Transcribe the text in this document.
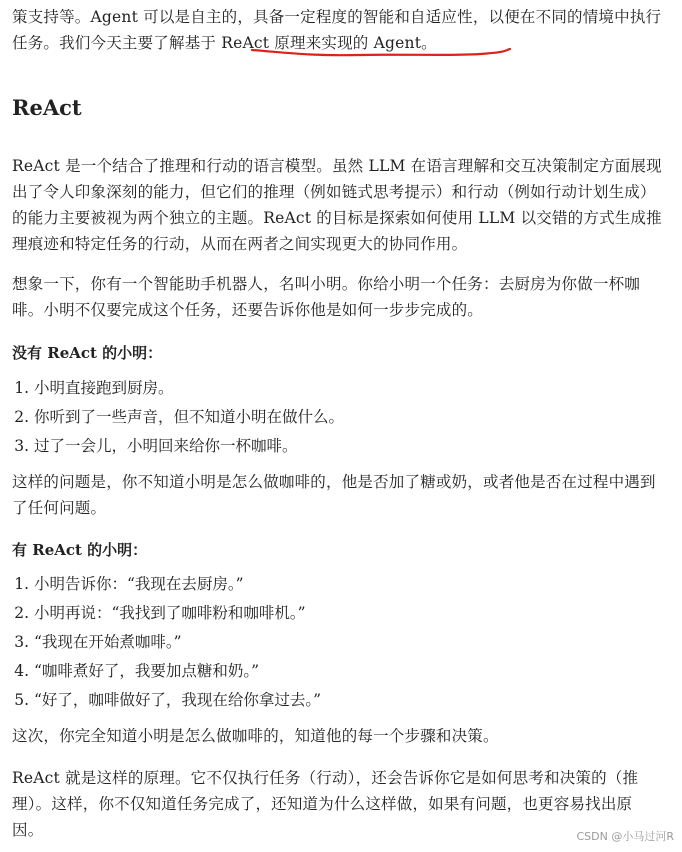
策支持等。Agent 可以是自主的，具备一定程度的智能和自适应性，以便在不同的情境中执行任务。我们今天主要了解基于 ReAct 原理来实现的 Agent。

ReAct

ReAct 是一个结合了推理和行动的语言模型。虽然 LLM 在语言理解和交互决策制定方面展现出了令人印象深刻的能力，但它们的推理（例如链式思考提示）和行动（例如行动计划生成）的能力主要被视为两个独立的主题。ReAct 的目标是探索如何使用 LLM 以交错的方式生成推理痕迹和特定任务的行动，从而在两者之间实现更大的协同作用。

想象一下，你有一个智能助手机器人，名叫小明。你给小明一个任务：去厨房为你做一杯咖啡。小明不仅要完成这个任务，还要告诉你他是如何一步步完成的。

没有 ReAct 的小明：
1. 小明直接跑到厨房。
2. 你听到了一些声音，但不知道小明在做什么。
3. 过了一会儿，小明回来给你一杯咖啡。

这样的问题是，你不知道小明是怎么做咖啡的，他是否加了糖或奶，或者他是否在过程中遇到了任何问题。

有 ReAct 的小明：
1. 小明告诉你：“我现在去厨房。”
2. 小明再说：“我找到了咖啡粉和咖啡机。”
3. “我现在开始煮咖啡。”
4. “咖啡煮好了，我要加点糖和奶。”
5. “好了，咖啡做好了，我现在给你拿过去。”

这次，你完全知道小明是怎么做咖啡的，知道他的每一个步骤和决策。

ReAct 就是这样的原理。它不仅执行任务（行动），还会告诉你它是如何思考和决策的（推理）。这样，你不仅知道任务完成了，还知道为什么这样做，如果有问题，也更容易找出原因。	CSDN @小马过河R
